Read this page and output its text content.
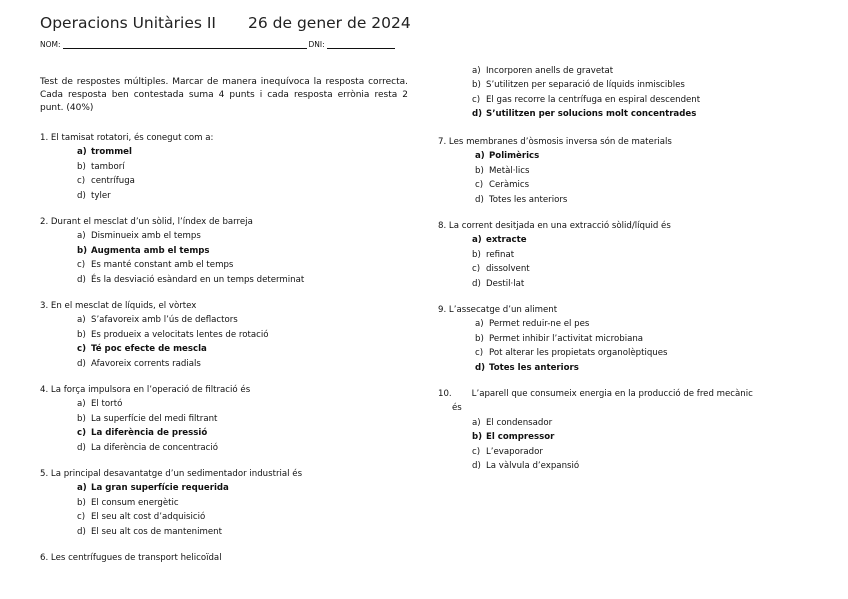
Operacions Unitàries II 26 de gener de 2024
NOM:	DNI:
Test de respostes múltiples. Marcar de manera inequívoca la resposta correcta. Cada resposta ben contestada suma 4 punts i cada resposta errònia resta 2 punt. (40%)
1. El tamisat rotatori, és conegut com a:
a) trommel
b) tamborí
c) centrífuga
d) tyler
2. Durant el mesclat d’un sòlid, l’índex de barreja
a) Disminueix amb el temps
b) Augmenta amb el temps
c) Es manté constant amb el temps
d) És la desviació esàndard en un temps determinat
3. En el mesclat de líquids, el vòrtex
a) S’afavoreix amb l’ús de deflactors
b) Es produeix a velocitats lentes de rotació
c) Té poc efecte de mescla
d) Afavoreix corrents radials
4. La força impulsora en l’operació de filtració és
a) El tortó
b) La superfície del medi filtrant
c) La diferència de pressió
d) La diferència de concentració
5. La principal desavantatge d’un sedimentador industrial és
a) La gran superfície requerida
b) El consum energètic
c) El seu alt cost d’adquisició
d) El seu alt cos de manteniment
6. Les centrífugues de transport helicoïdal
a) Incorporen anells de gravetat
b) S’utilitzen per separació de líquids inmiscibles
c) El gas recorre la centrífuga en espiral descendent
d) S’utilitzen per solucions molt concentrades
7. Les membranes d’òsmosis inversa són de materials
a) Polimèrics
b) Metàl·lics
c) Ceràmics
d) Totes les anteriors
8. La corrent desitjada en una extracció sòlid/líquid és
a) extracte
b) refinat
c) dissolvent
d) Destil·lat
9. L’assecatge d’un aliment
a) Permet reduir-ne el pes
b) Permet inhibir l’activitat microbiana
c) Pot alterar les propietats organolèptiques
d) Totes les anteriors
10. L’aparell que consumeix energia en la producció de fred mecànic
és
a) El condensador
b) El compressor
c) L’evaporador
d) La vàlvula d’expansió
